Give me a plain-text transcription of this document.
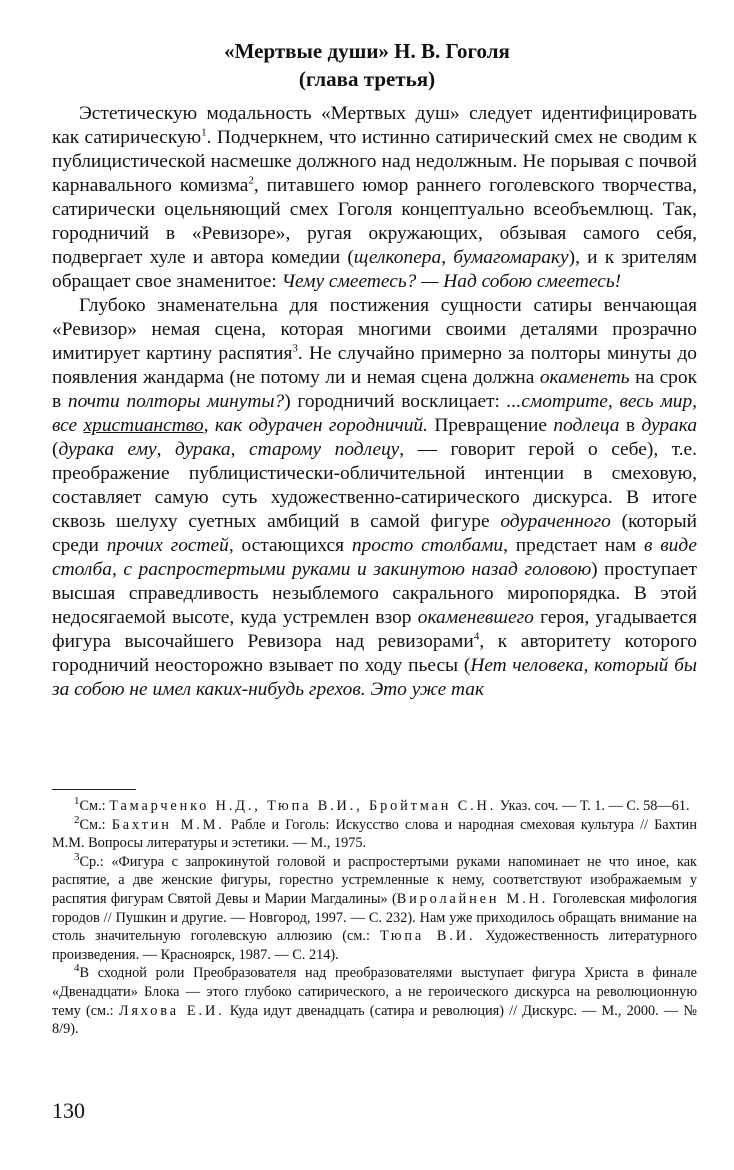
«Мертвые души» Н. В. Гоголя
(глава третья)

Эстетическую модальность «Мертвых душ» следует идентифицировать как сатирическую$^1$. Подчеркнем, что истинно сатирический смех не сводим к публицистической насмешке должного над недолжным. Не порывая с почвой карнавального комизма$^2$, питавшего юмор раннего гоголевского творчества, сатирически оцельняющий смех Гоголя концептуально всеобъемлющ. Так, городничий в «Ревизоре», ругая окружающих, обзывая самого себя, подвергает хуле и автора комедии (щелкопера, бумагомараку), и к зрителям обращает свое знаменитое: Чему смеетесь? — Над собою смеетесь!

Глубоко знаменательна для постижения сущности сатиры венчающая «Ревизор» немая сцена, которая многими своими деталями прозрачно имитирует картину распятия$^3$. Не случайно примерно за полторы минуты до появления жандарма (не потому ли и немая сцена должна окаменеть на срок в почти полторы минуты?) городничий восклицает: ...смотрите, весь мир, все христианство, как одурачен городничий. Превращение подлеца в дурака (дурака ему, дурака, старому подлецу, — говорит герой о себе), т.е. преображение публицистически-обличительной интенции в смеховую, составляет самую суть художественно-сатирического дискурса. В итоге сквозь шелуху суетных амбиций в самой фигуре одураченного (который среди прочих гостей, остающихся просто столбами, предстает нам в виде столба, с распростертыми руками и закинутою назад головою) проступает высшая справедливость незыблемого сакрального миропорядка. В этой недосягаемой высоте, куда устремлен взор окаменевшего героя, угадывается фигура высочайшего Ревизора над ревизорами$^4$, к авторитету которого городничий неосторожно взывает по ходу пьесы (Нет человека, который бы за собою не имел каких-нибудь грехов. Это уже так

$^1$См.: Тамарченко Н.Д., Тюпа В.И., Бройтман С.Н. Указ. соч. — Т. 1. — С. 58—61.

$^2$См.: Бахтин М.М. Рабле и Гоголь: Искусство слова и народная смеховая культура // Бахтин М.М. Вопросы литературы и эстетики. — М., 1975.

$^3$Ср.: «Фигура с запрокинутой головой и распростертыми руками напоминает не что иное, как распятие, а две женские фигуры, горестно устремленные к нему, соответствуют изображаемым у распятия фигурам Святой Девы и Марии Магдалины» (Виролайнен М.Н. Гоголевская мифология городов // Пушкин и другие. — Новгород, 1997. — С. 232). Нам уже приходилось обращать внимание на столь значительную гоголевскую аллюзию (см.: Тюпа В.И. Художественность литературного произведения. — Красноярск, 1987. — С. 214).

$^4$В сходной роли Преобразователя над преобразователями выступает фигура Христа в финале «Двенадцати» Блока — этого глубоко сатирического, а не героического дискурса на революционную тему (см.: Ляхова Е.И. Куда идут двенадцать (сатира и революция) // Дискурс. — М., 2000. — № 8/9).

130
